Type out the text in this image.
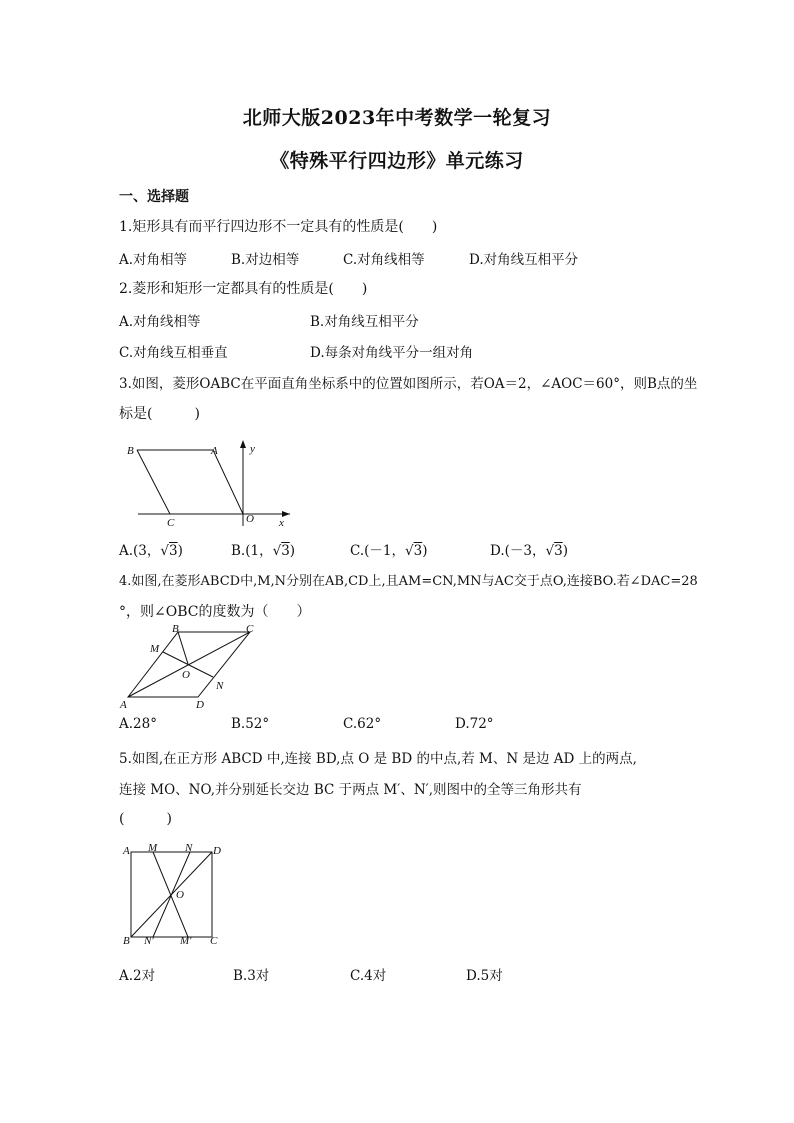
北师大版2023年中考数学一轮复习
《特殊平行四边形》单元练习
一、选择题
1.矩形具有而平行四边形不一定具有的性质是(　　)
A.对角相等	B.对边相等	C.对角线相等	D.对角线互相平分
2.菱形和矩形一定都具有的性质是(　　)
A.对角线相等	B.对角线互相平分
C.对角线互相垂直	D.每条对角线平分一组对角
3.如图，菱形OABC在平面直角坐标系中的位置如图所示，若OA＝2，∠AOC＝60°，则B点的坐
标是(　　　)
B	A	y
C	O x
A.(3，√3)	B.(1，√3)	C.(－1，√3)	D.(－3，√3)
4.如图,在菱形ABCD中,M,N分别在AB,CD上,且AM=CN,MN与AC交于点O,连接BO.若∠DAC=28
°，则∠OBC的度数为（　　）
B	C
M
O
N
A	D
A.28°	B.52°	C.62°	D.72°
5.如图,在正方形 ABCD 中,连接 BD,点 O 是 BD 的中点,若 M、N 是边 AD 上的两点,
连接 MO、NO,并分别延长交边 BC 于两点 M′、N′,则图中的全等三角形共有
(　　　)
A M	N D
O
B N′ M′ C
A.2对	B.3对	C.4对	D.5对
